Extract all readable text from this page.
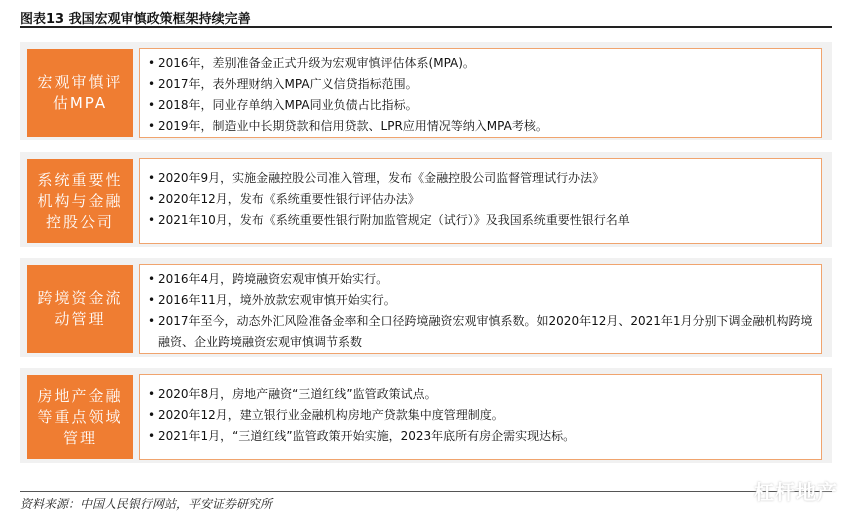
图表13 我国宏观审慎政策框架持续完善
宏观审慎评估MPA
• 2016年，差别准备金正式升级为宏观审慎评估体系(MPA)。
• 2017年，表外理财纳入MPA广义信贷指标范围。
• 2018年，同业存单纳入MPA同业负债占比指标。
• 2019年，制造业中长期贷款和信用贷款、LPR应用情况等纳入MPA考核。
系统重要性机构与金融控股公司
• 2020年9月，实施金融控股公司准入管理，发布《金融控股公司监督管理试行办法》
• 2020年12月，发布《系统重要性银行评估办法》
• 2021年10月，发布《系统重要性银行附加监管规定（试行）》及我国系统重要性银行名单
跨境资金流动管理
• 2016年4月，跨境融资宏观审慎开始实行。
• 2016年11月，境外放款宏观审慎开始实行。
• 2017年至今，动态外汇风险准备金率和全口径跨境融资宏观审慎系数。如2020年12月、2021年1月分别下调金融机构跨境融资、企业跨境融资宏观审慎调节系数
房地产金融等重点领域管理
• 2020年8月，房地产融资“三道红线”监管政策试点。
• 2020年12月，建立银行业金融机构房地产贷款集中度管理制度。
• 2021年1月，“三道红线”监管政策开始实施，2023年底所有房企需实现达标。
资料来源：中国人民银行网站，平安证券研究所	杠杆地产
